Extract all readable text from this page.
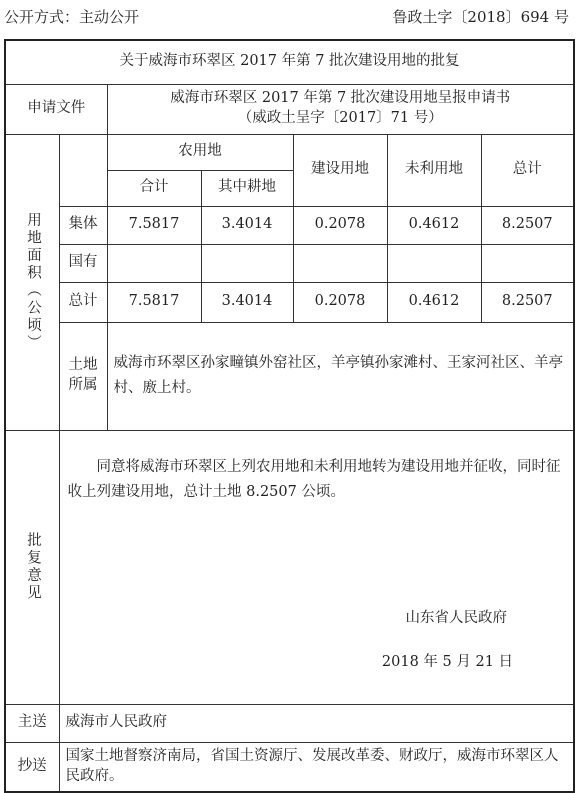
公开方式：主动公开	鲁政土字〔2018〕694 号
关于威海市环翠区 2017 年第 7 批次建设用地的批复						
申请文件		威海市环翠区 2017 年第 7 批次建设用地呈报申请书
（威政土呈字〔2017〕71 号）				

用地面积（公顷）		农用地		建设用地	未利用地	总计
		合计	其中耕地			
	集体	7.5817	3.4014	0.2078	0.4612	8.2507
	国有					
	总计	7.5817	3.4014	0.2078	0.4612	8.2507

	土地所属	威海市环翠区孙家疃镇外窑社区，羊亭镇孙家滩村、王家河社区、羊亭村、廒上村。				

批复意见	同意将威海市环翠区上列农用地和未利用地转为建设用地并征收，同时征收上列建设用地，总计土地 8.2507 公顷。
山东省人民政府
2018 年 5 月 21 日					

主送	威海市人民政府					
抄送	国家土地督察济南局，省国土资源厅、发展改革委、财政厅，威海市环翠区人民政府。					
